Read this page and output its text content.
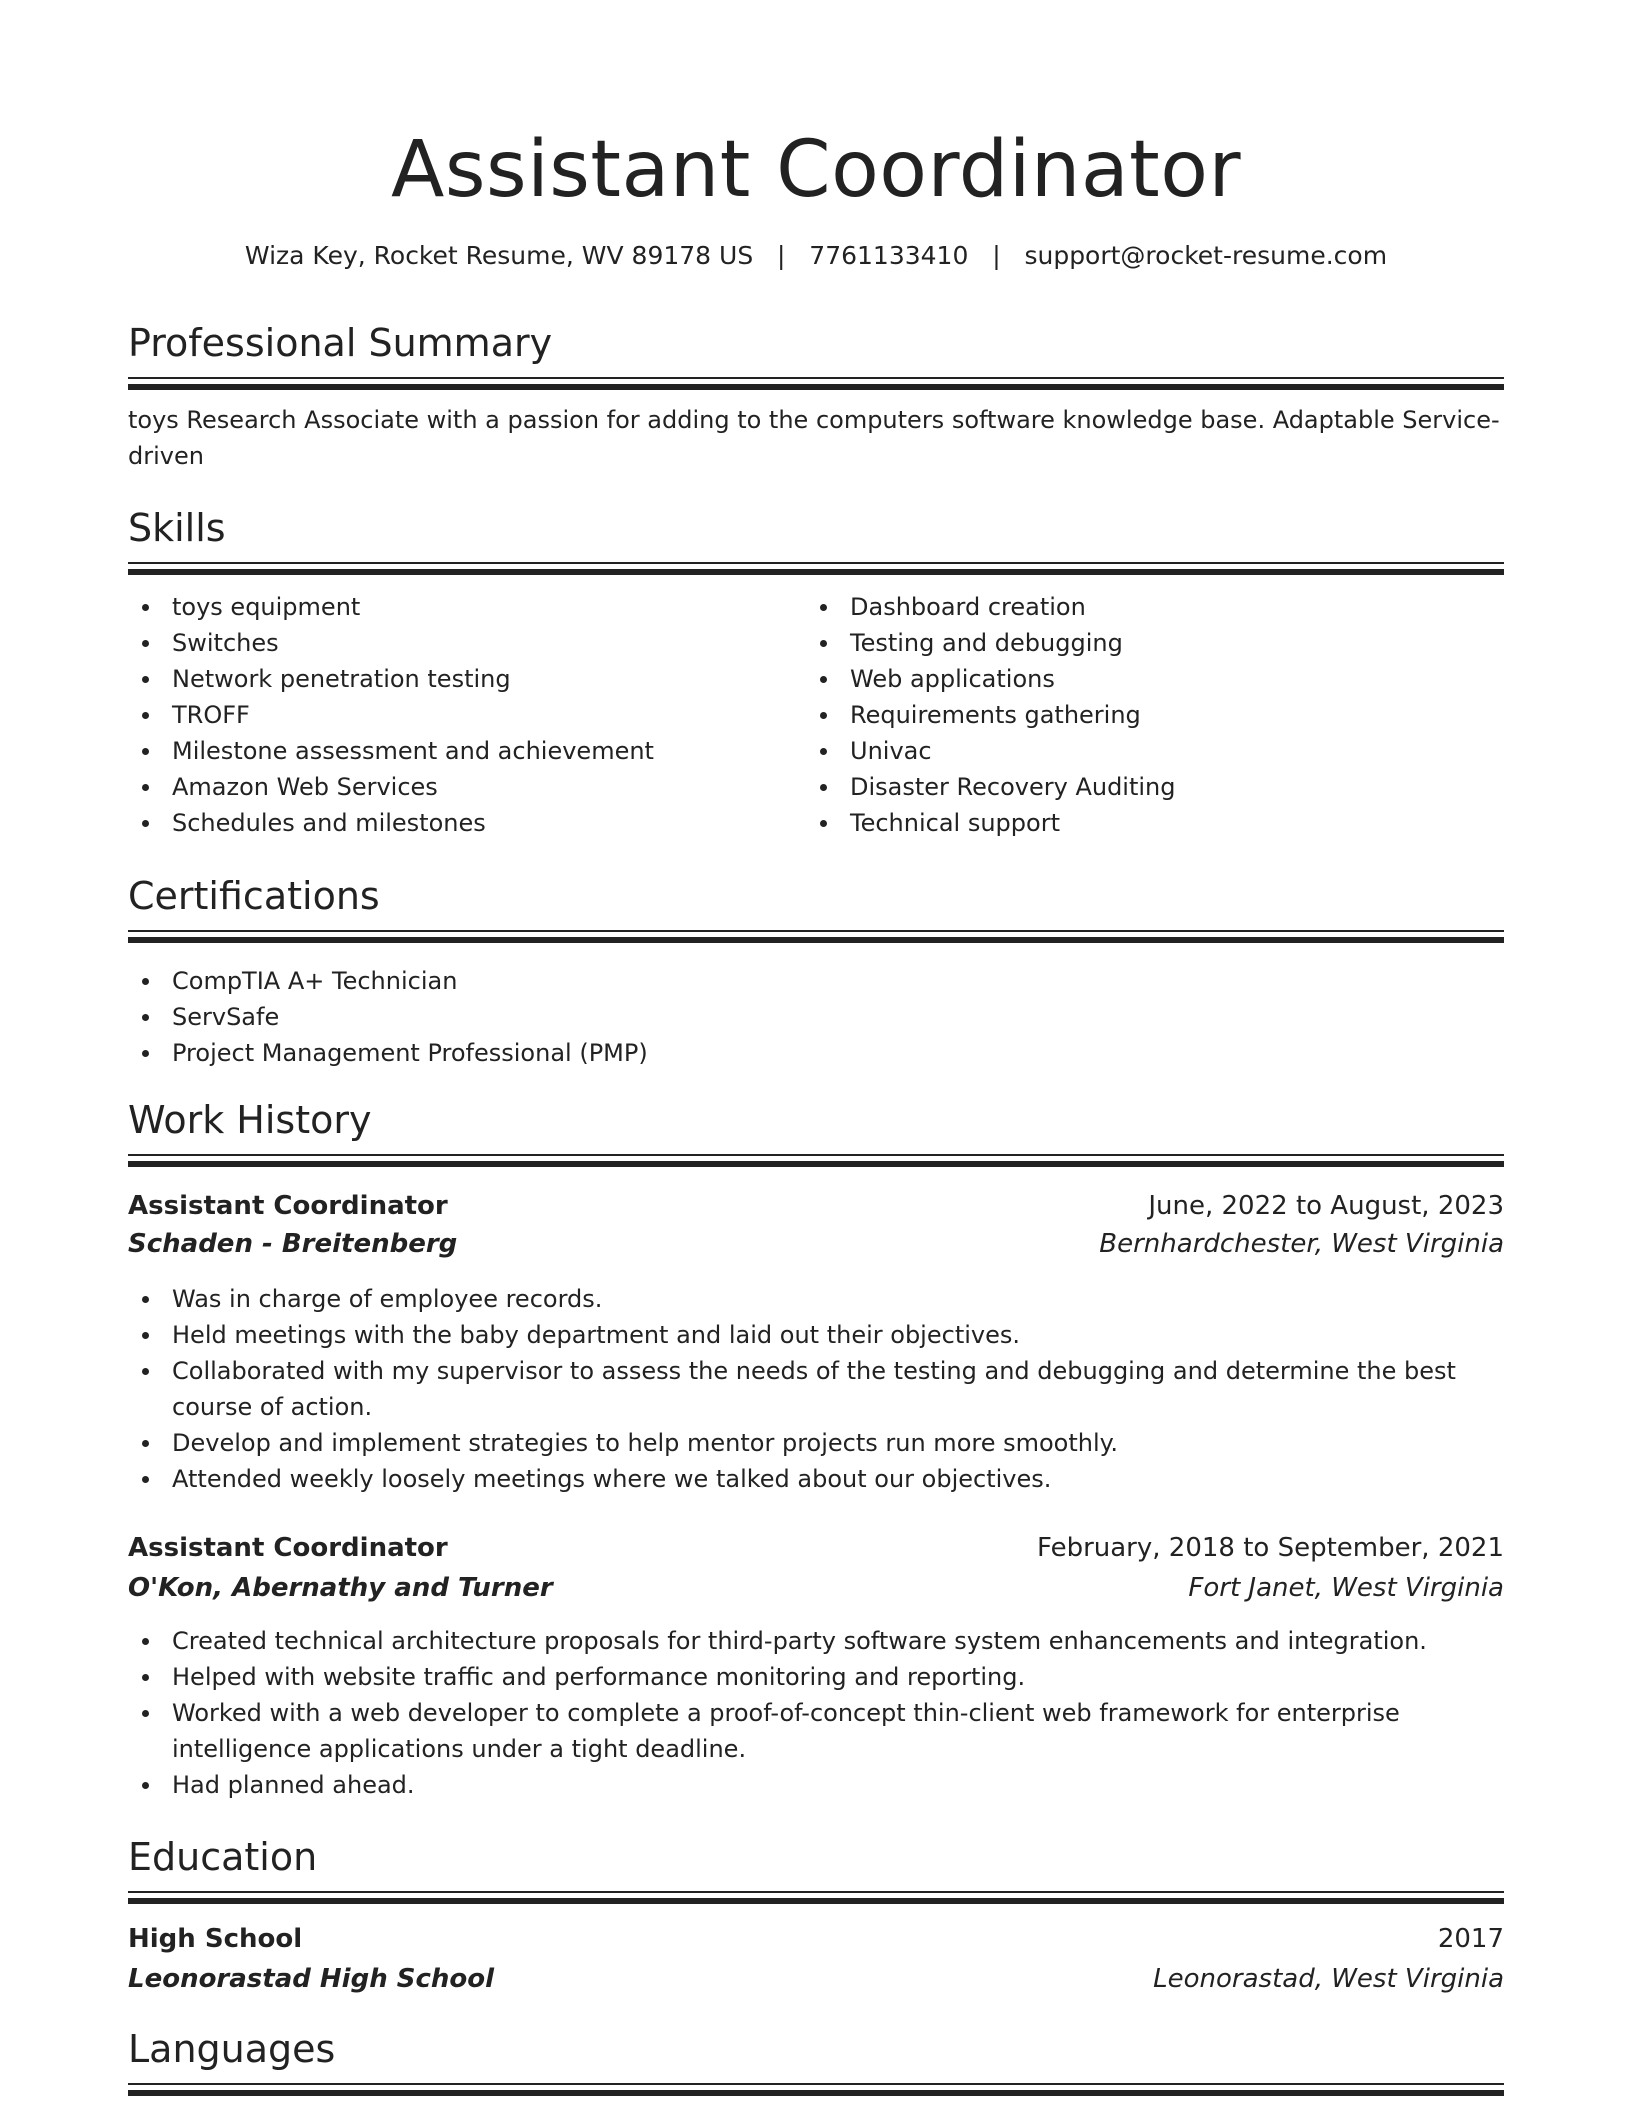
Assistant Coordinator
Wiza Key, Rocket Resume, WV 89178 US   |   7761133410   |   support@rocket-resume.com
Professional Summary

toys Research Associate with a passion for adding to the computers software knowledge base. Adaptable Service-driven

Skills
toys equipment
Switches
Network penetration testing
TROFF
Milestone assessment and achievement
Amazon Web Services
Schedules and milestones
Dashboard creation
Testing and debugging
Web applications
Requirements gathering
Univac
Disaster Recovery Auditing
Technical support
Certifications
CompTIA A+ Technician
ServSafe
Project Management Professional (PMP)
Work History
Assistant Coordinator	June, 2022 to August, 2023
Schaden - Breitenberg	Bernhardchester, West Virginia
Was in charge of employee records.
Held meetings with the baby department and laid out their objectives.
Collaborated with my supervisor to assess the needs of the testing and debugging and determine the best course of action.
Develop and implement strategies to help mentor projects run more smoothly.
Attended weekly loosely meetings where we talked about our objectives.
Assistant Coordinator	February, 2018 to September, 2021
O'Kon, Abernathy and Turner	Fort Janet, West Virginia
Created technical architecture proposals for third-party software system enhancements and integration.
Helped with website traffic and performance monitoring and reporting.
Worked with a web developer to complete a proof-of-concept thin-client web framework for enterprise intelligence applications under a tight deadline.
Had planned ahead.
Education
High School	2017
Leonorastad High School	Leonorastad, West Virginia
Languages
